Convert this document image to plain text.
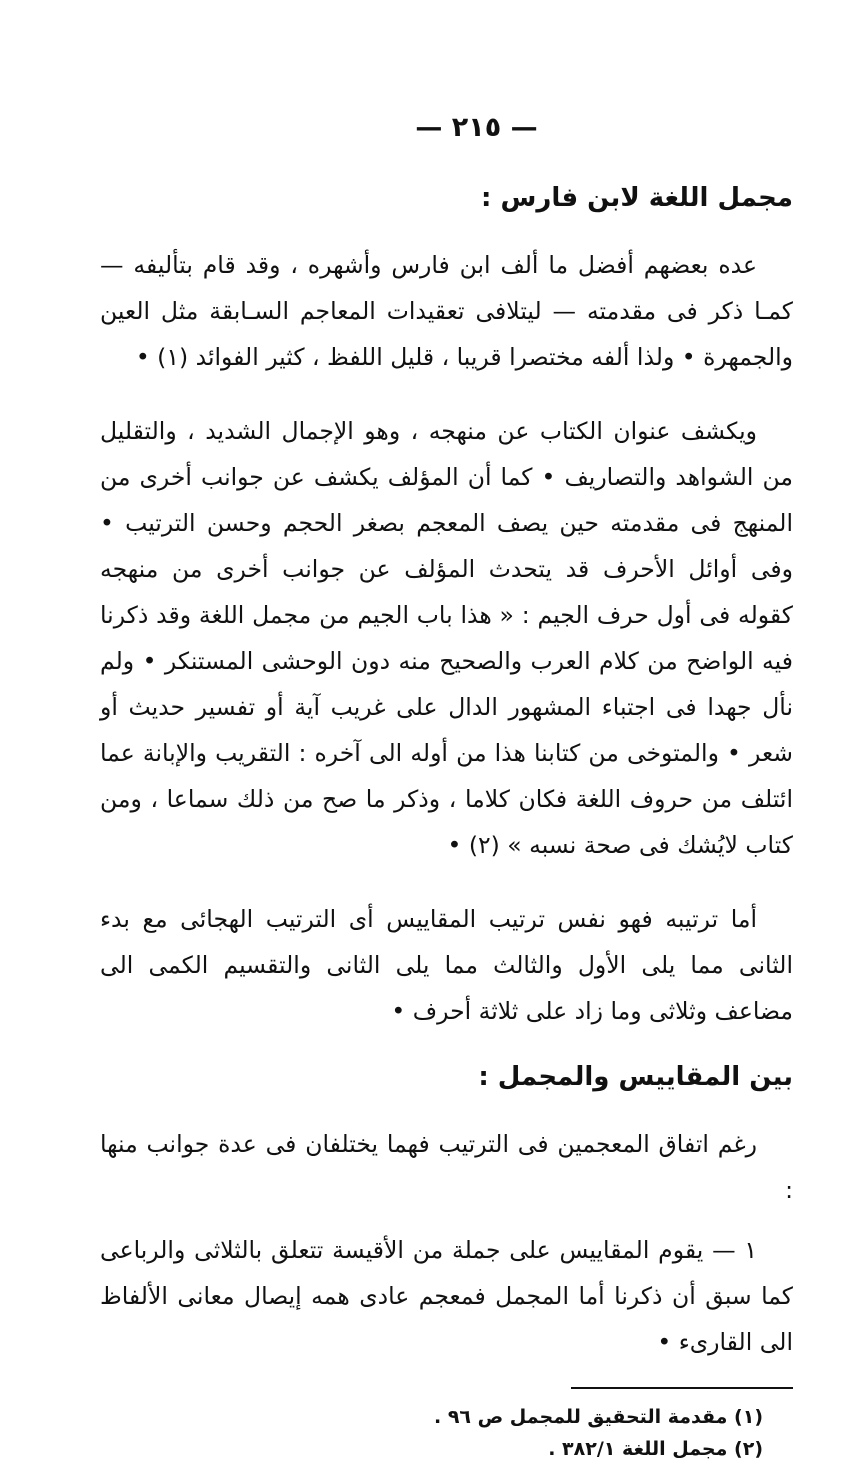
— ٢١٥ —
مجمل اللغة لابن فارس :

عده بعضهم أفضل ما ألف ابن فارس وأشهره ، وقد قام بتأليفه — كمـا ذكر فى مقدمته — ليتلافى تعقيدات المعاجم السـابقة مثل العين والجمهرة • ولذا ألفه مختصرا قريبا ، قليل اللفظ ، كثير الفوائد (١) •

ويكشف عنوان الكتاب عن منهجه ، وهو الإجمال الشديد ، والتقليل من الشواهد والتصاريف • كما أن المؤلف يكشف عن جوانب أخرى من المنهج فى مقدمته حين يصف المعجم بصغر الحجم وحسن الترتيب • وفى أوائل الأحرف قد يتحدث المؤلف عن جوانب أخرى من منهجه كقوله فى أول حرف الجيم : « هذا باب الجيم من مجمل اللغة وقد ذكرنا فيه الواضح من كلام العرب والصحيح منه دون الوحشى المستنكر • ولم نأل جهدا فى اجتباء المشهور الدال على غريب آية أو تفسير حديث أو شعر • والمتوخى من كتابنا هذا من أوله الى آخره : التقريب والإبانة عما ائتلف من حروف اللغة فكان كلاما ، وذكر ما صح من ذلك سماعا ، ومن كتاب لايُشك فى صحة نسبه » (٢) •

أما ترتيبه فهو نفس ترتيب المقاييس أى الترتيب الهجائى مع بدء الثانى مما يلى الأول والثالث مما يلى الثانى والتقسيم الكمى الى مضاعف وثلاثى وما زاد على ثلاثة أحرف •

بين المقاييس والمجمل :

رغم اتفاق المعجمين فى الترتيب فهما يختلفان فى عدة جوانب منها :

١ — يقوم المقاييس على جملة من الأقيسة تتعلق بالثلاثى والرباعى كما سبق أن ذكرنا أما المجمل فمعجم عادى همه إيصال معانى الألفاظ الى القارىء •

(١) مقدمة التحقيق للمجمل ص ٩٦ .
(٢) مجمل اللغة ٣٨٢/١ .
